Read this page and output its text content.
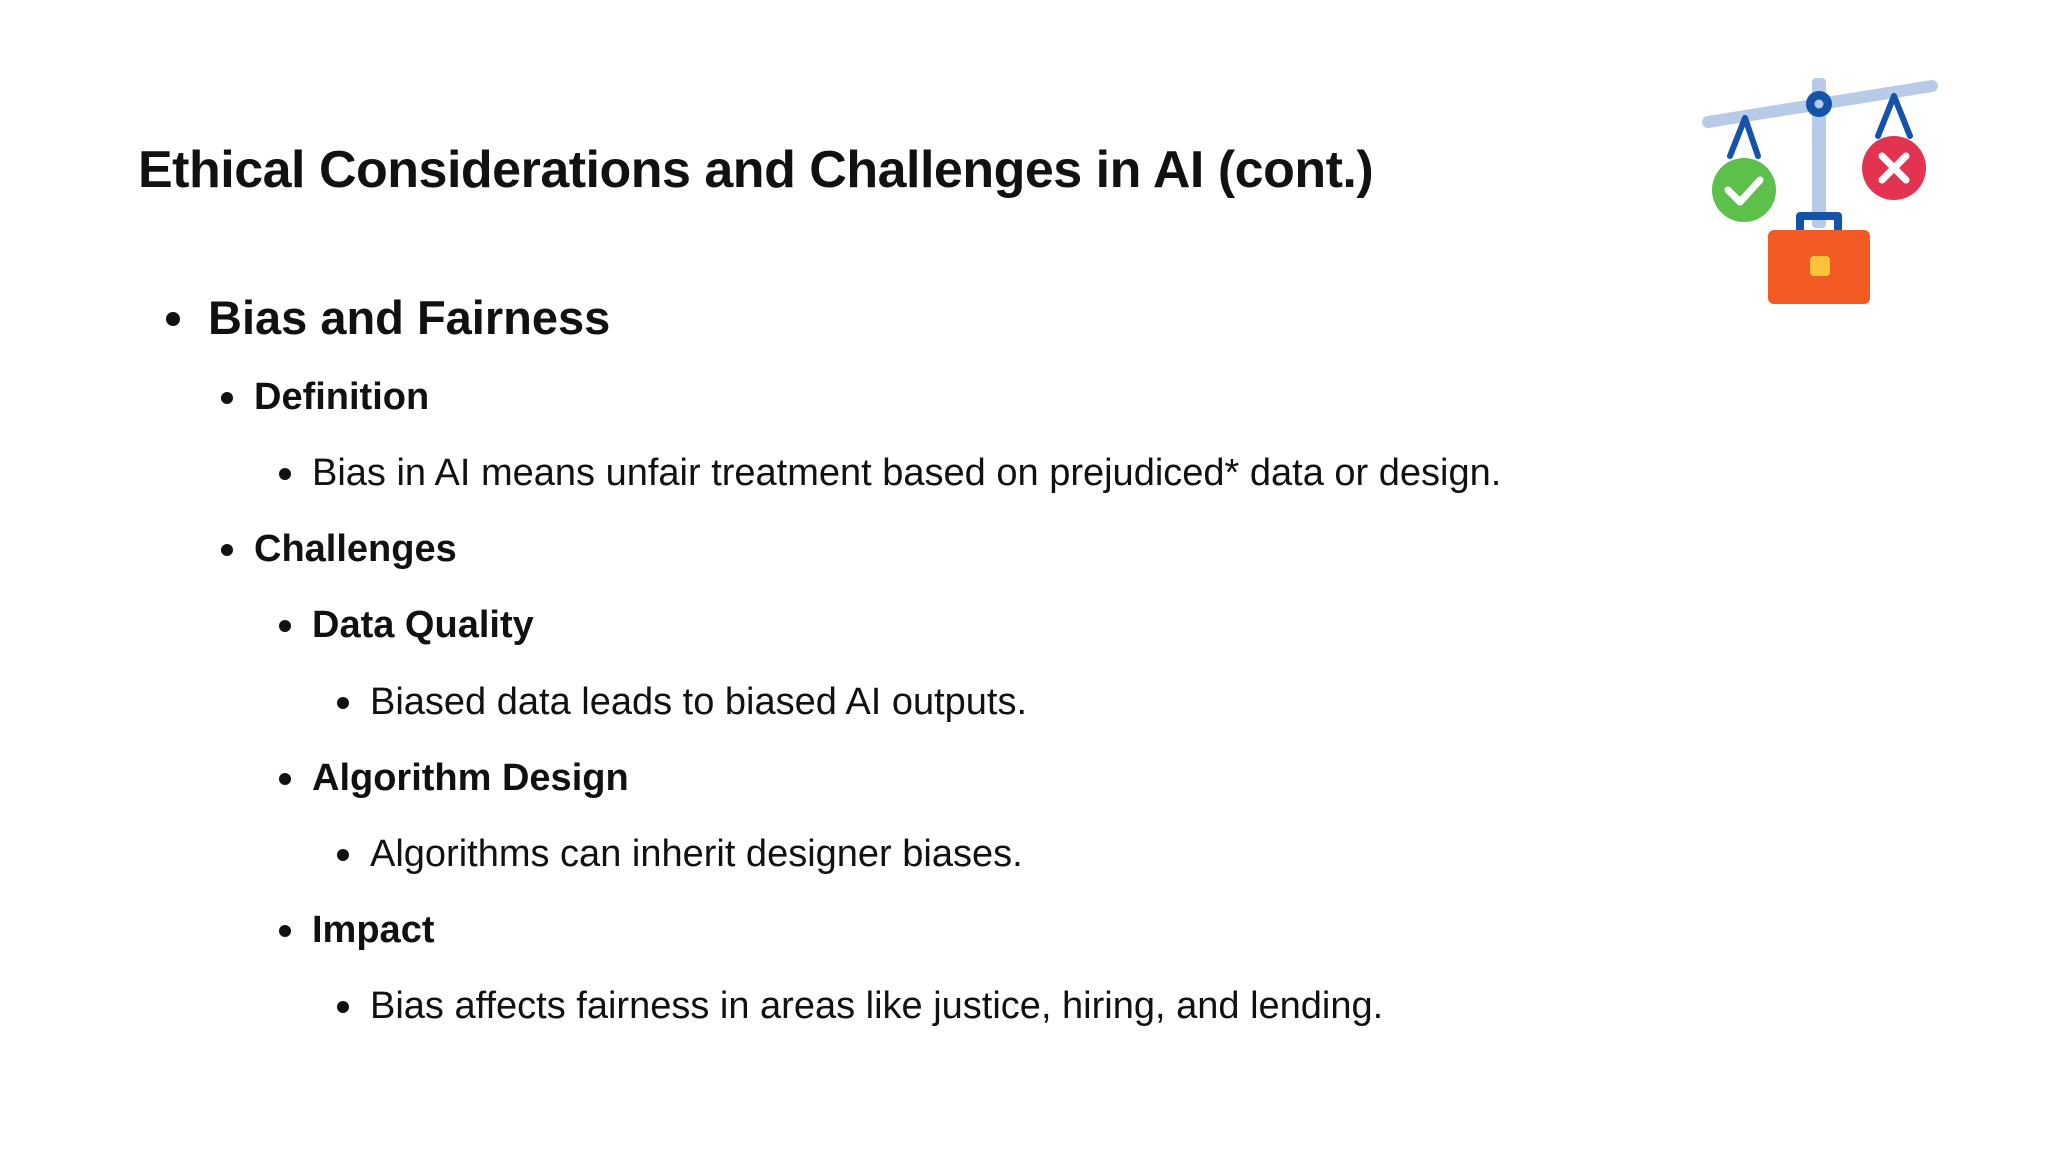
Ethical Considerations and Challenges in AI (cont.)
Bias and Fairness
Definition
Bias in AI means unfair treatment based on prejudiced* data or design.
Challenges
Data Quality
Biased data leads to biased AI outputs.
Algorithm Design
Algorithms can inherit designer biases.
Impact
Bias affects fairness in areas like justice, hiring, and lending.
